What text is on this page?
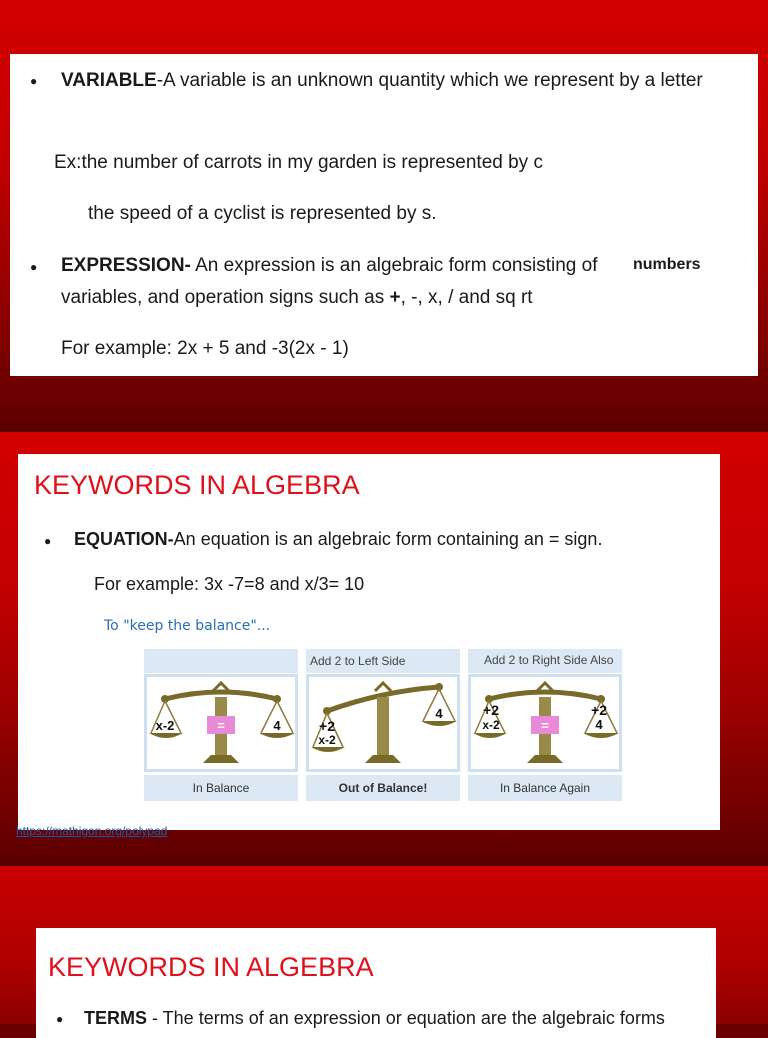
● VARIABLE-A variable is an unknown quantity which we represent by a letter
Ex:the number of carrots in my garden is represented by c
the speed of a cyclist is represented by s.
● EXPRESSION- An expression is an algebraic form consisting of numbers
variables, and operation signs such as +, -, x, / and sq rt
For example: 2x + 5 and -3(2x - 1)
KEYWORDS IN ALGEBRA
● EQUATION-An equation is an algebraic form containing an = sign.
For example: 3x -7=8 and x/3= 10
To "keep the balance"...
=
x-2	4
In Balance
Add 2 to Left Side
+2
x-2
4
Out of Balance!
Add 2 to Right Side Also
=
+2
x-2
+2
4
In Balance Again
https://mathigon.org/polypad
KEYWORDS IN ALGEBRA
● TERMS - The terms of an expression or equation are the algebraic forms
